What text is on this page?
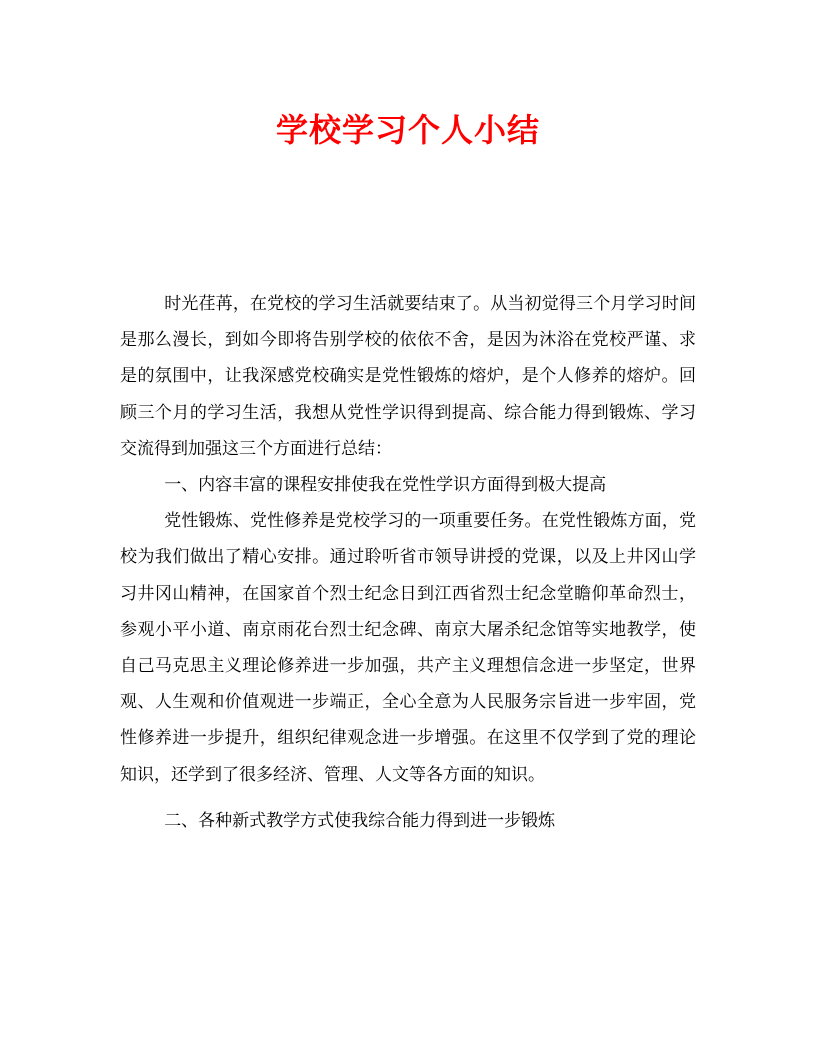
学校学习个人小结

时光荏苒，在党校的学习生活就要结束了。从当初觉得三个月学习时间是那么漫长，到如今即将告别学校的依依不舍，是因为沐浴在党校严谨、求是的氛围中，让我深感党校确实是党性锻炼的熔炉，是个人修养的熔炉。回顾三个月的学习生活，我想从党性学识得到提高、综合能力得到锻炼、学习交流得到加强这三个方面进行总结：

一、内容丰富的课程安排使我在党性学识方面得到极大提高

党性锻炼、党性修养是党校学习的一项重要任务。在党性锻炼方面，党校为我们做出了精心安排。通过聆听省市领导讲授的党课，以及上井冈山学习井冈山精神，在国家首个烈士纪念日到江西省烈士纪念堂瞻仰革命烈士，参观小平小道、南京雨花台烈士纪念碑、南京大屠杀纪念馆等实地教学，使自己马克思主义理论修养进一步加强，共产主义理想信念进一步坚定，世界观、人生观和价值观进一步端正，全心全意为人民服务宗旨进一步牢固，党性修养进一步提升，组织纪律观念进一步增强。在这里不仅学到了党的理论知识，还学到了很多经济、管理、人文等各方面的知识。

二、各种新式教学方式使我综合能力得到进一步锻炼
